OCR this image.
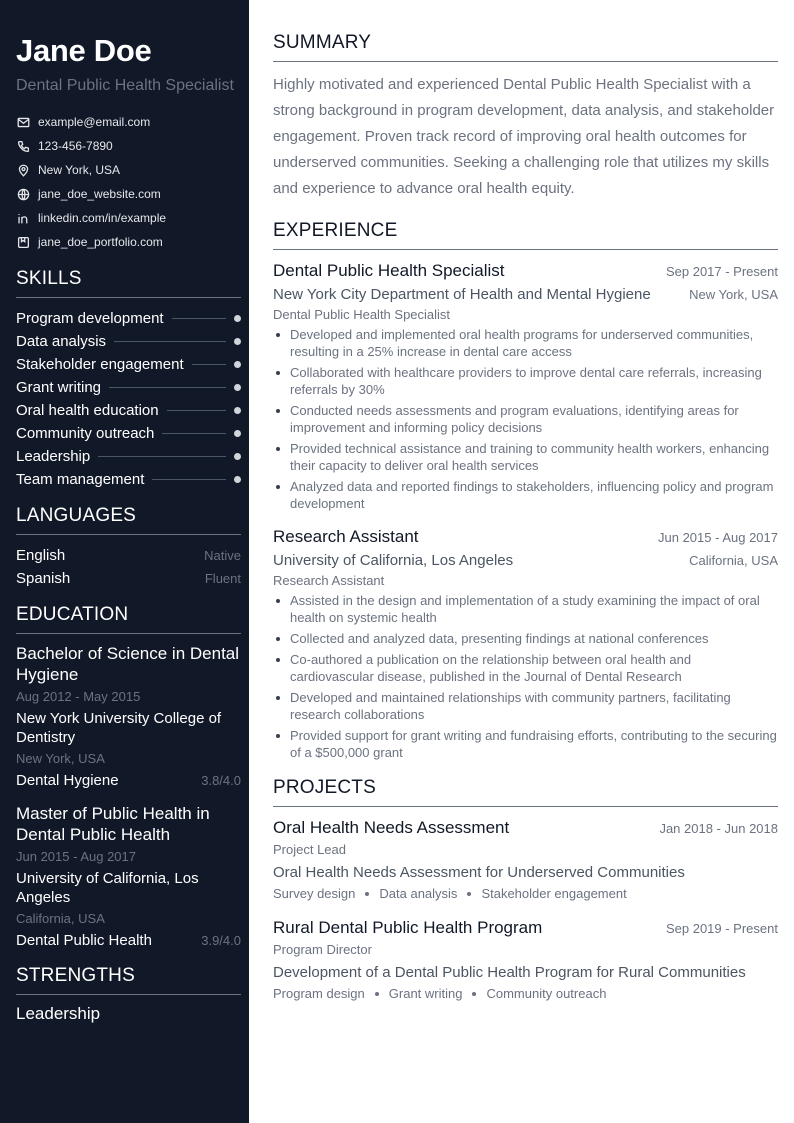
Jane Doe
Dental Public Health Specialist
example@email.com
123-456-7890
New York, USA
jane_doe_website.com
linkedin.com/in/example
jane_doe_portfolio.com
SKILLS
Program development
Data analysis
Stakeholder engagement
Grant writing
Oral health education
Community outreach
Leadership
Team management
LANGUAGES
English	Native
Spanish	Fluent
EDUCATION
Bachelor of Science in Dental Hygiene
Aug 2012 - May 2015
New York University College of Dentistry
New York, USA
Dental Hygiene	3.8/4.0
Master of Public Health in Dental Public Health
Jun 2015 - Aug 2017
University of California, Los Angeles
California, USA
Dental Public Health	3.9/4.0
STRENGTHS
Leadership
SUMMARY

Highly motivated and experienced Dental Public Health Specialist with a strong background in program development, data analysis, and stakeholder engagement. Proven track record of improving oral health outcomes for underserved communities. Seeking a challenging role that utilizes my skills and experience to advance oral health equity.

EXPERIENCE
Dental Public Health Specialist	Sep 2017 - Present
New York City Department of Health and Mental Hygiene	New York, USA
Dental Public Health Specialist
Developed and implemented oral health programs for underserved communities, resulting in a 25% increase in dental care access
Collaborated with healthcare providers to improve dental care referrals, increasing referrals by 30%
Conducted needs assessments and program evaluations, identifying areas for improvement and informing policy decisions
Provided technical assistance and training to community health workers, enhancing their capacity to deliver oral health services
Analyzed data and reported findings to stakeholders, influencing policy and program development
Research Assistant	Jun 2015 - Aug 2017
University of California, Los Angeles	California, USA
Research Assistant
Assisted in the design and implementation of a study examining the impact of oral health on systemic health
Collected and analyzed data, presenting findings at national conferences
Co-authored a publication on the relationship between oral health and cardiovascular disease, published in the Journal of Dental Research
Developed and maintained relationships with community partners, facilitating research collaborations
Provided support for grant writing and fundraising efforts, contributing to the securing of a $500,000 grant
PROJECTS
Oral Health Needs Assessment	Jan 2018 - Jun 2018
Project Lead
Oral Health Needs Assessment for Underserved Communities
Survey design Data analysis Stakeholder engagement
Rural Dental Public Health Program	Sep 2019 - Present
Program Director
Development of a Dental Public Health Program for Rural Communities
Program design Grant writing Community outreach
